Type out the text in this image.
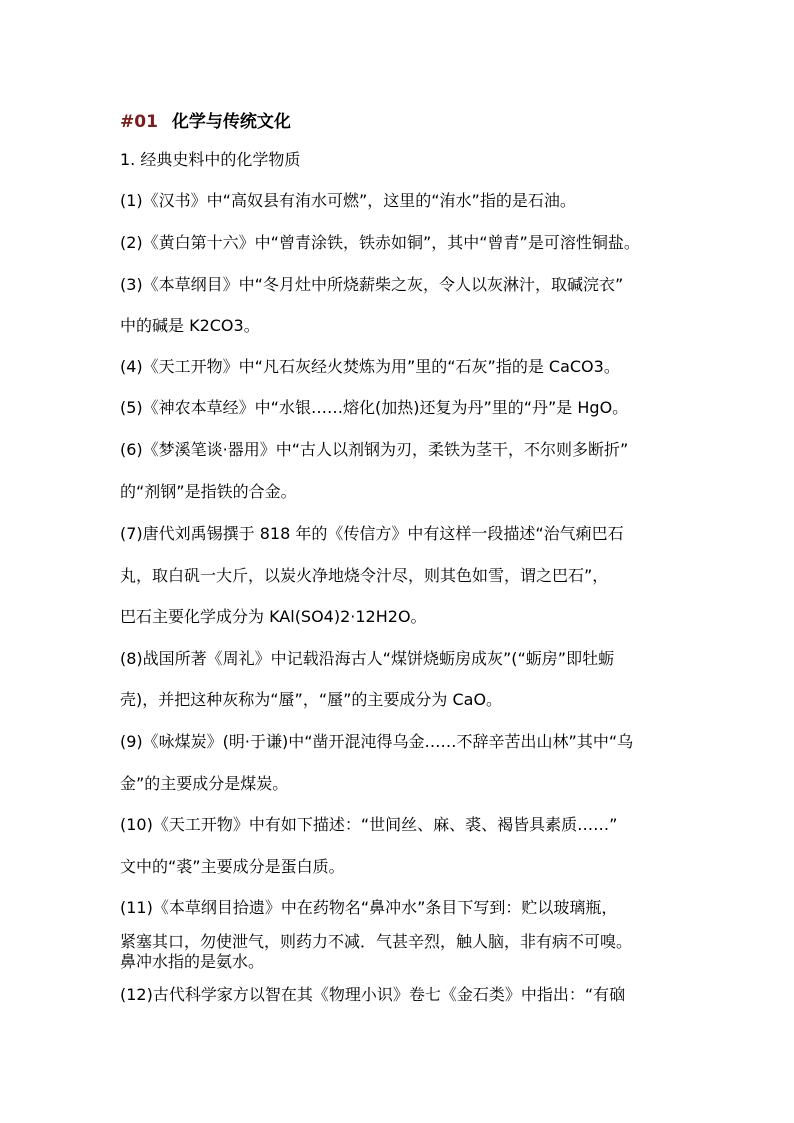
#01 化学与传统文化
1. 经典史料中的化学物质
(1)《汉书》中“高奴县有洧水可燃”，这里的“洧水”指的是石油。
(2)《黄白第十六》中“曾青涂铁，铁赤如铜”，其中“曾青”是可溶性铜盐。
(3)《本草纲目》中“冬月灶中所烧薪柴之灰，令人以灰淋汁，取碱浣衣”
中的碱是 K2CO3。
(4)《天工开物》中“凡石灰经火焚炼为用”里的“石灰”指的是 CaCO3。
(5)《神农本草经》中“水银……熔化(加热)还复为丹”里的“丹”是 HgO。
(6)《梦溪笔谈·器用》中“古人以剂钢为刃，柔铁为茎干，不尔则多断折”
的“剂钢”是指铁的合金。
(7)唐代刘禹锡撰于 818 年的《传信方》中有这样一段描述“治气痢巴石
丸，取白矾一大斤，以炭火净地烧令汁尽，则其色如雪，谓之巴石”，
巴石主要化学成分为 KAl(SO4)2·12H2O。
(8)战国所著《周礼》中记载沿海古人“煤饼烧蛎房成灰”(“蛎房”即牡蛎
壳)，并把这种灰称为“蜃”，“蜃”的主要成分为 CaO。
(9)《咏煤炭》(明·于谦)中“凿开混沌得乌金……不辞辛苦出山林”其中“乌
金”的主要成分是煤炭。
(10)《天工开物》中有如下描述：“世间丝、麻、裘、褐皆具素质……”
文中的“裘”主要成分是蛋白质。
(11)《本草纲目拾遗》中在药物名“鼻冲水”条目下写到：贮以玻璃瓶，
紧塞其口，勿使泄气，则药力不减．气甚辛烈，触人脑，非有病不可嗅。
鼻冲水指的是氨水。
(12)古代科学家方以智在其《物理小识》卷七《金石类》中指出：“有硇
